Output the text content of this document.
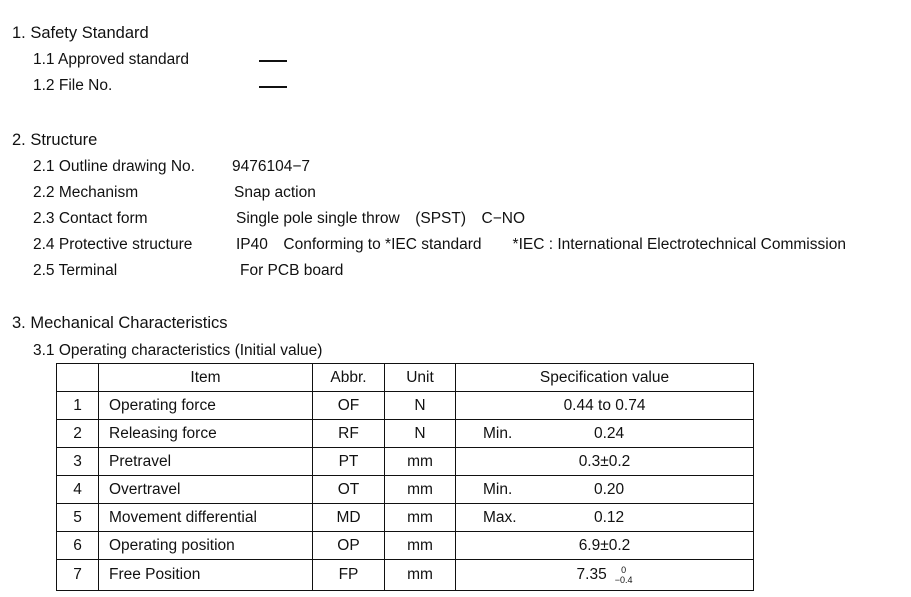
1. Safety Standard
1.1 Approved standard
1.2 File No.
2. Structure
2.1 Outline drawing No. 9476104−7
2.2 Mechanism	Snap action
2.3 Contact form	Single pole single throw　(SPST)　C−NO
2.4 Protective structure	IP40　Conforming to *IEC standard　　*IEC : International Electrotechnical Commission
2.5 Terminal	For PCB board
3. Mechanical Characteristics
3.1 Operating characteristics (Initial value)
	Item	Abbr.	Unit	Specification value
1	Operating force	OF	N	0.44 to 0.74

2	Releasing force	RF	N	Min. 0.24

3	Pretravel	PT	mm	0.3±0.2

4	Overtravel	OT	mm	Min. 0.20

5	Movement differential	MD	mm	Max. 0.12

6	Operating position	OP	mm	6.9±0.2

7	Free Position	FP	mm	7.35 0
−0.4
